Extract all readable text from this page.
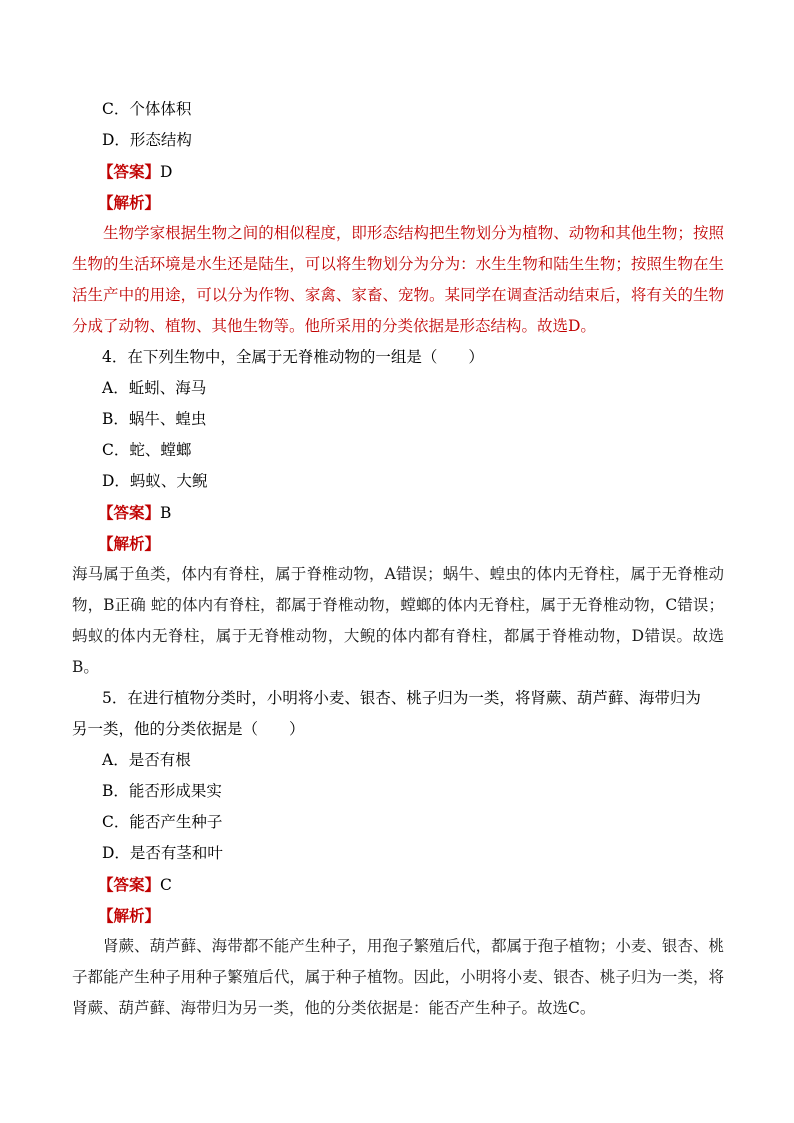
C．个体体积
D．形态结构
【答案】D
【解析】

生物学家根据生物之间的相似程度，即形态结构把生物划分为植物、动物和其他生物；按照生物的生活环境是水生还是陆生，可以将生物划分为分为：水生生物和陆生生物；按照生物在生活生产中的用途，可以分为作物、家禽、家畜、宠物。某同学在调查活动结束后，将有关的生物分成了动物、植物、其他生物等。他所采用的分类依据是形态结构。故选D。

4．在下列生物中，全属于无脊椎动物的一组是（　　）
A．蚯蚓、海马
B．蜗牛、蝗虫
C．蛇、螳螂
D．蚂蚁、大鲵
【答案】B
【解析】

海马属于鱼类，体内有脊柱，属于脊椎动物，A错误；蜗牛、蝗虫的体内无脊柱，属于无脊椎动物，B正确 蛇的体内有脊柱，都属于脊椎动物，螳螂的体内无脊柱，属于无脊椎动物，C错误；蚂蚁的体内无脊柱，属于无脊椎动物，大鲵的体内都有脊柱，都属于脊椎动物，D错误。故选B。

5．在进行植物分类时，小明将小麦、银杏、桃子归为一类，将肾蕨、葫芦藓、海带归为
另一类，他的分类依据是（　　）
A．是否有根
B．能否形成果实
C．能否产生种子
D．是否有茎和叶
【答案】C
【解析】

肾蕨、葫芦藓、海带都不能产生种子，用孢子繁殖后代，都属于孢子植物；小麦、银杏、桃子都能产生种子用种子繁殖后代，属于种子植物。因此，小明将小麦、银杏、桃子归为一类，将肾蕨、葫芦藓、海带归为另一类，他的分类依据是：能否产生种子。故选C。
